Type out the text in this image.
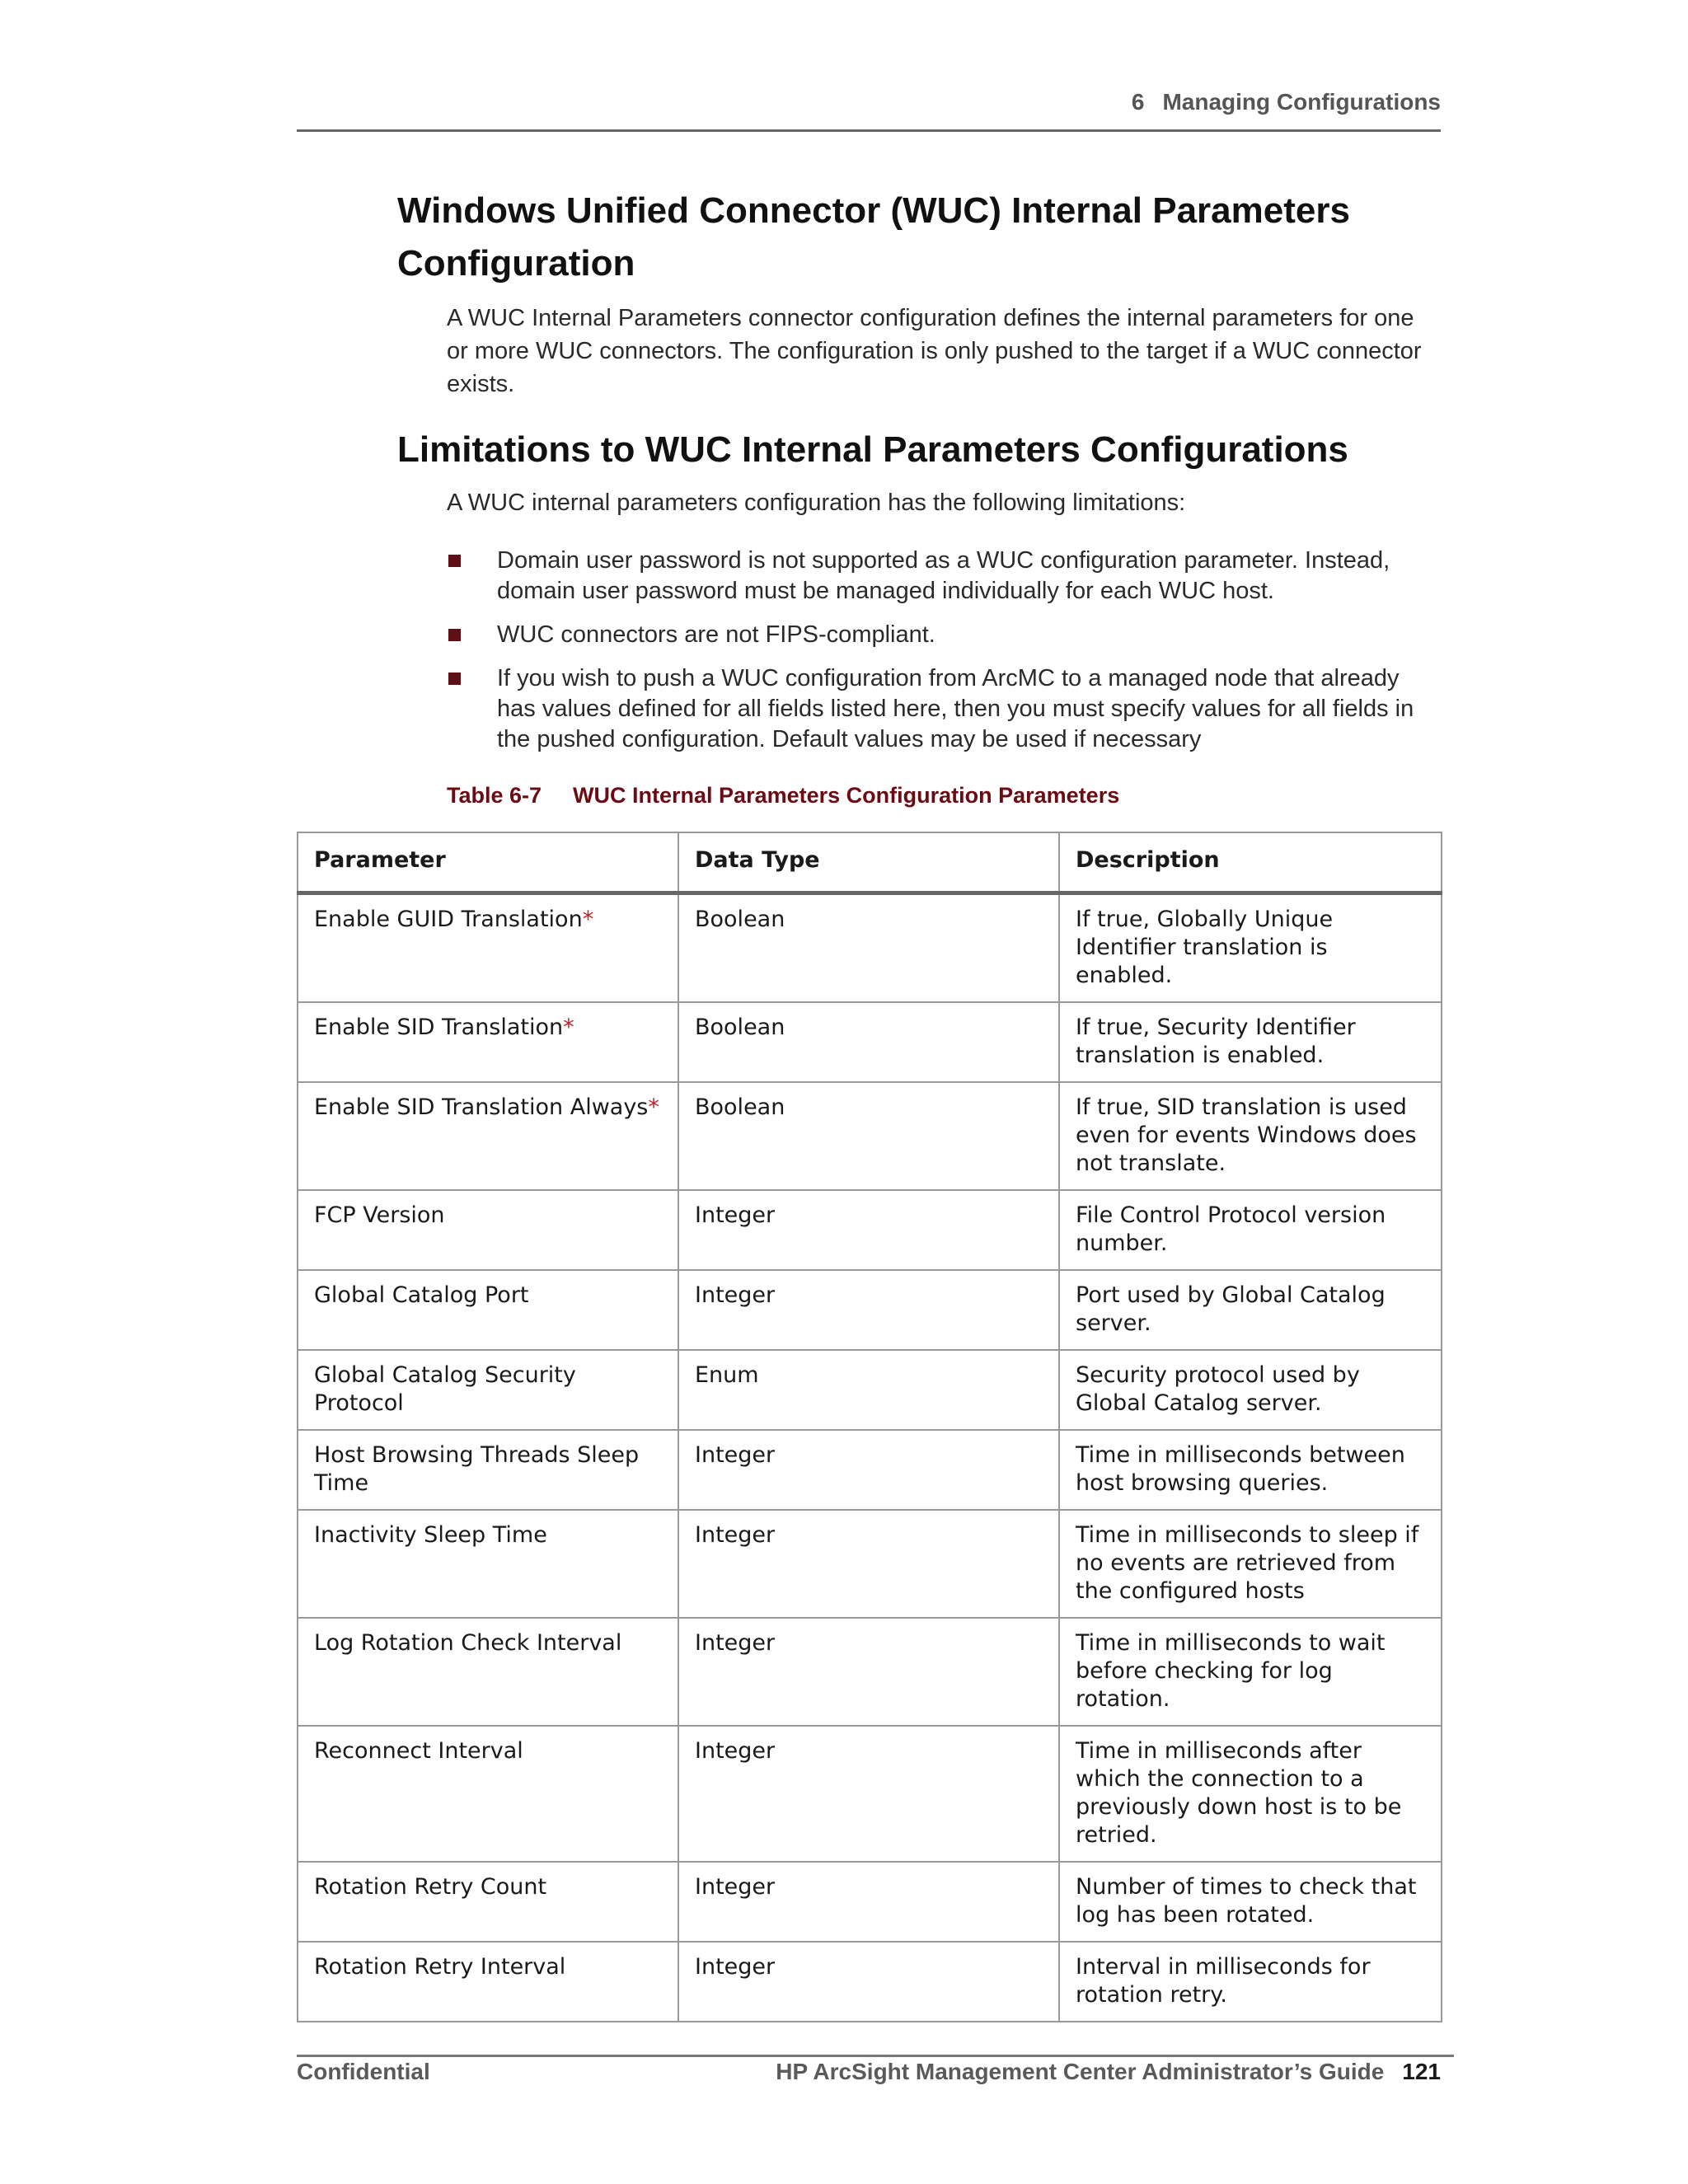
6 Managing Configurations
Windows Unified Connector (WUC) Internal Parameters Configuration

A WUC Internal Parameters connector configuration defines the internal parameters for one or more WUC connectors. The configuration is only pushed to the target if a WUC connector exists.

Limitations to WUC Internal Parameters Configurations

A WUC internal parameters configuration has the following limitations:

Domain user password is not supported as a WUC configuration parameter. Instead, domain user password must be managed individually for each WUC host.
WUC connectors are not FIPS-compliant.
If you wish to push a WUC configuration from ArcMC to a managed node that already has values defined for all fields listed here, then you must specify values for all fields in the pushed configuration. Default values may be used if necessary
Table 6-7 WUC Internal Parameters Configuration Parameters
Parameter	Data Type	Description
Enable GUID Translation*	Boolean	If true, Globally Unique Identifier translation is enabled.
Enable SID Translation*	Boolean	If true, Security Identifier translation is enabled.
Enable SID Translation Always*	Boolean	If true, SID translation is used even for events Windows does not translate.
FCP Version	Integer	File Control Protocol version number.
Global Catalog Port	Integer	Port used by Global Catalog server.
Global Catalog Security Protocol	Enum	Security protocol used by Global Catalog server.
Host Browsing Threads Sleep Time	Integer	Time in milliseconds between host browsing queries.
Inactivity Sleep Time	Integer	Time in milliseconds to sleep if no events are retrieved from the configured hosts
Log Rotation Check Interval	Integer	Time in milliseconds to wait before checking for log rotation.
Reconnect Interval	Integer	Time in milliseconds after which the connection to a previously down host is to be retried.
Rotation Retry Count	Integer	Number of times to check that log has been rotated.
Rotation Retry Interval	Integer	Interval in milliseconds for rotation retry.
Confidential	HP ArcSight Management Center Administrator’s Guide 121
